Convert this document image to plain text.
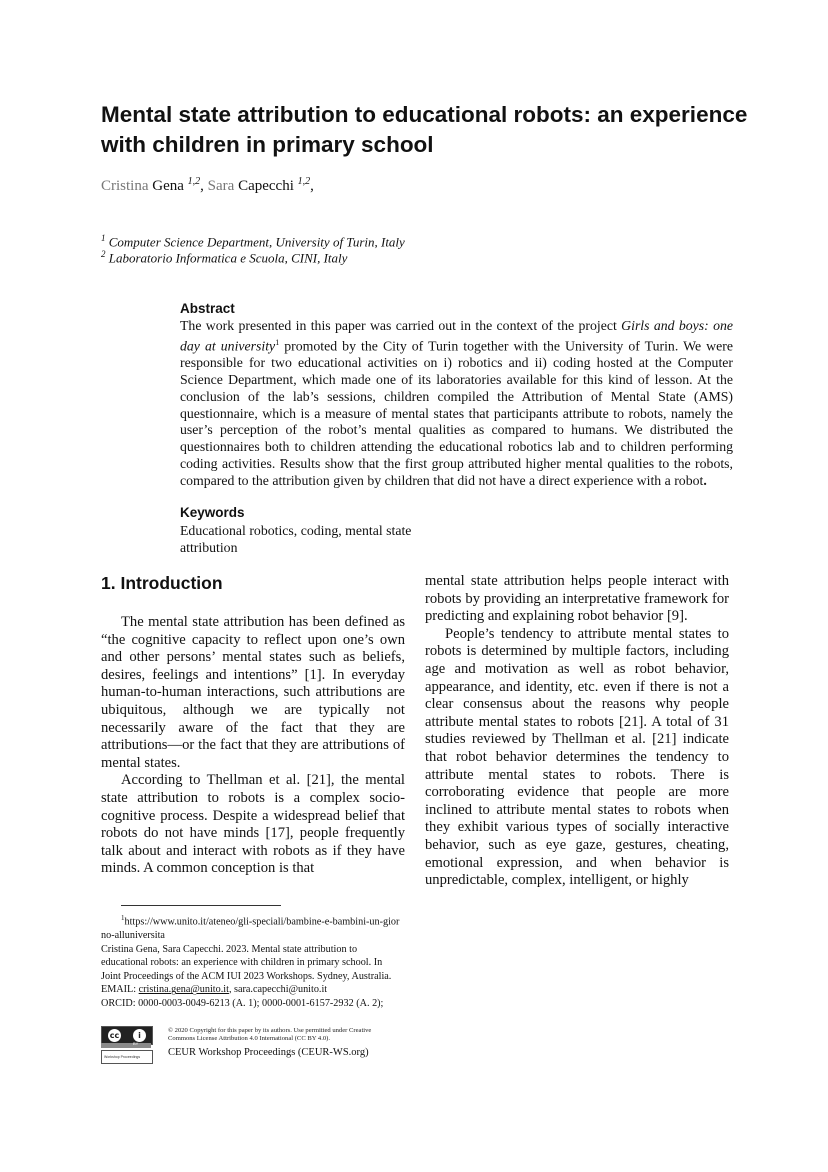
Mental state attribution to educational robots: an experience with children in primary school
Cristina Gena $^{1,2}$, Sara Capecchi $^{1,2}$,
$^1$ Computer Science Department, University of Turin, Italy
$^2$ Laboratorio Informatica e Scuola, CINI, Italy
Abstract
The work presented in this paper was carried out in the context of the project Girls and boys: one day at university$^1$ promoted by the City of Turin together with the University of Turin. We were responsible for two educational activities on i) robotics and ii) coding hosted at the Computer Science Department, which made one of its laboratories available for this kind of lesson. At the conclusion of the lab’s sessions, children compiled the Attribution of Mental State (AMS) questionnaire, which is a measure of mental states that participants attribute to robots, namely the user’s perception of the robot’s mental qualities as compared to humans. We distributed the questionnaires both to children attending the educational robotics lab and to children performing coding activities. Results show that the first group attributed higher mental qualities to the robots, compared to the attribution given by children that did not have a direct experience with a robot.
Keywords
Educational robotics, coding, mental state attribution
1. Introduction

The mental state attribution has been defined as “the cognitive capacity to reflect upon one’s own and other persons’ mental states such as beliefs, desires, feelings and intentions” [1]. In everyday human-to-human interactions, such attributions are ubiquitous, although we are typically not necessarily aware of the fact that they are attributions—or the fact that they are attributions of mental states.

According to Thellman et al. [21], the mental state attribution to robots is a complex socio-cognitive process. Despite a widespread belief that robots do not have minds [17], people frequently talk about and interact with robots as if they have minds. A common conception is that

mental state attribution helps people interact with robots by providing an interpretative framework for predicting and explaining robot behavior [9].

People’s tendency to attribute mental states to robots is determined by multiple factors, including age and motivation as well as robot behavior, appearance, and identity, etc. even if there is not a clear consensus about the reasons why people attribute mental states to robots [21]. A total of 31 studies reviewed by Thellman et al. [21] indicate that robot behavior determines the tendency to attribute mental states to robots. There is corroborating evidence that people are more inclined to attribute mental states to robots when they exhibit various types of socially interactive behavior, such as eye gaze, gestures, cheating, emotional expression, and when behavior is unpredictable, complex, intelligent, or highly

$^1$https://www.unito.it/ateneo/gli-speciali/bambine-e-bambini-un-giorno-alluniversita
Cristina Gena, Sara Capecchi. 2023. Mental state attribution to educational robots: an experience with children in primary school. In Joint Proceedings of the ACM IUI 2023 Workshops. Sydney, Australia.
EMAIL: cristina.gena@unito.it, sara.capecchi@unito.it
ORCID: 0000-0003-0049-6213 (A. 1); 0000-0001-6157-2932 (A. 2);
cc	i
BY
Workshop Proceedings
© 2020 Copyright for this paper by its authors. Use permitted under Creative Commons License Attribution 4.0 International (CC BY 4.0).
CEUR Workshop Proceedings (CEUR-WS.org)
